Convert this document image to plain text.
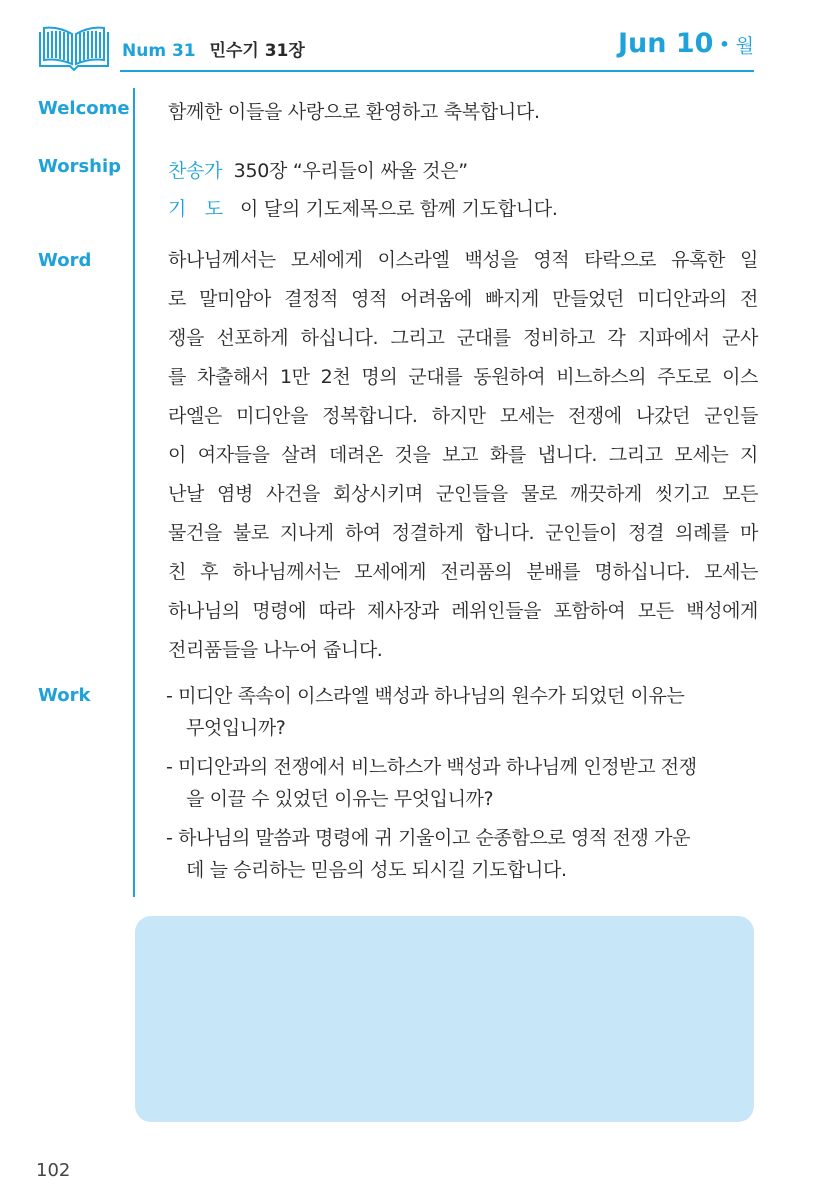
Num 31 민수기 31장	Jun 10 • 월
Welcome 함께한 이들을 사랑으로 환영하고 축복합니다.
Worship 찬송가 350장 “우리들이 싸울 것은”
기　도 이 달의 기도제목으로 함께 기도합니다.
Word	하나님께서는 모세에게 이스라엘 백성을 영적 타락으로 유혹한 일
로 말미암아 결정적 영적 어려움에 빠지게 만들었던 미디안과의 전
쟁을 선포하게 하십니다. 그리고 군대를 정비하고 각 지파에서 군사
를 차출해서 1만 2천 명의 군대를 동원하여 비느하스의 주도로 이스
라엘은 미디안을 정복합니다. 하지만 모세는 전쟁에 나갔던 군인들
이 여자들을 살려 데려온 것을 보고 화를 냅니다. 그리고 모세는 지
난날 염병 사건을 회상시키며 군인들을 물로 깨끗하게 씻기고 모든
물건을 불로 지나게 하여 정결하게 합니다. 군인들이 정결 의례를 마
친 후 하나님께서는 모세에게 전리품의 분배를 명하십니다. 모세는
하나님의 명령에 따라 제사장과 레위인들을 포함하여 모든 백성에게
전리품들을 나누어 줍니다.
Work	- 미디안 족속이 이스라엘 백성과 하나님의 원수가 되었던 이유는
무엇입니까?
- 미디안과의 전쟁에서 비느하스가 백성과 하나님께 인정받고 전쟁
을 이끌 수 있었던 이유는 무엇입니까?
- 하나님의 말씀과 명령에 귀 기울이고 순종함으로 영적 전쟁 가운
데 늘 승리하는 믿음의 성도 되시길 기도합니다.
102
